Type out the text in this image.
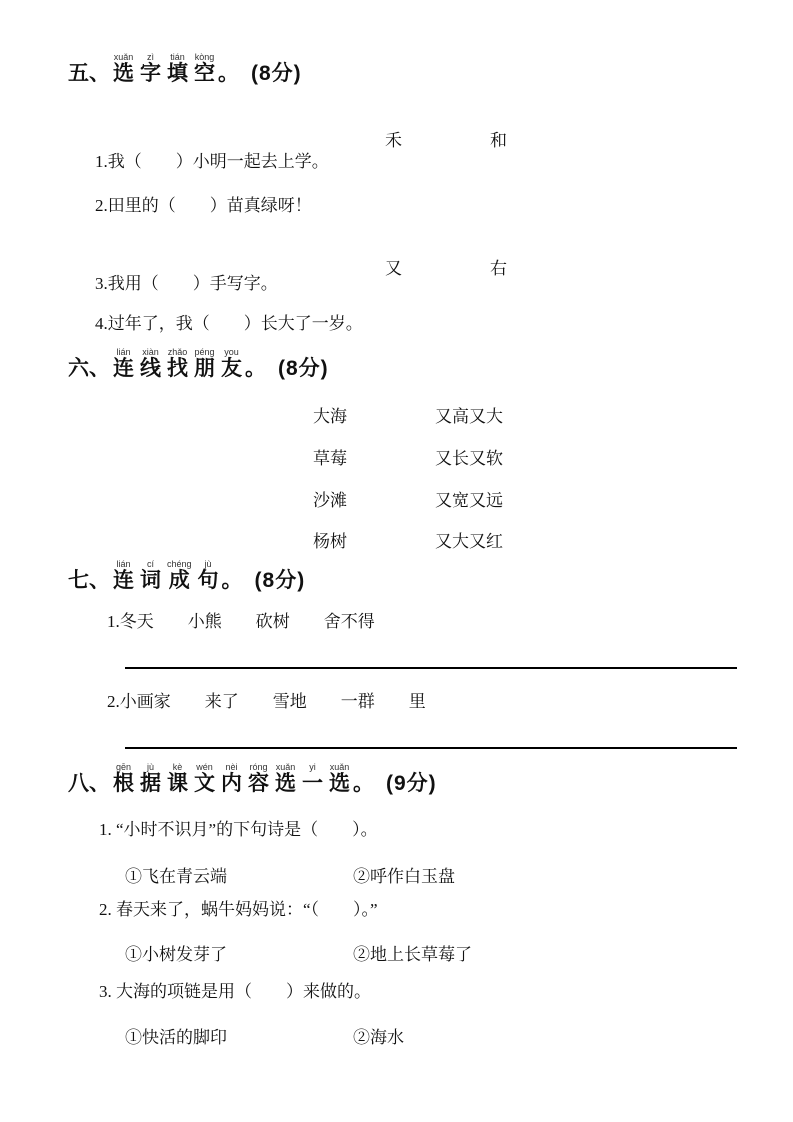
五、 选xuǎn字zì填tián空kòng。 (8分)

禾	和

1.我（　　）小明一起去上学。
2.田里的（　　）苗真绿呀！

又	右

3.我用（　　）手写字。
4.过年了，我（　　）长大了一岁。
六、 连lián线xiàn找zhǎo朋péng友you。 (8分)
大海	又高又大
草莓	又长又软
沙滩	又宽又远
杨树	又大又红
七、 连lián词cí成chéng句jù。 (8分)
1.冬天　　小熊　　砍树　　舍不得
2.小画家　　来了　　雪地　　一群　　里
八、 根gēn据jù课kè文wén内nèi容róng选xuǎn一yi选xuǎn。 (9分)
1. “小时不识月”的下句诗是（　　）。
①飞在青云端	②呼作白玉盘
2. 春天来了，蜗牛妈妈说：“（　　）。”
①小树发芽了	②地上长草莓了
3. 大海的项链是用（　　）来做的。
①快活的脚印	②海水
